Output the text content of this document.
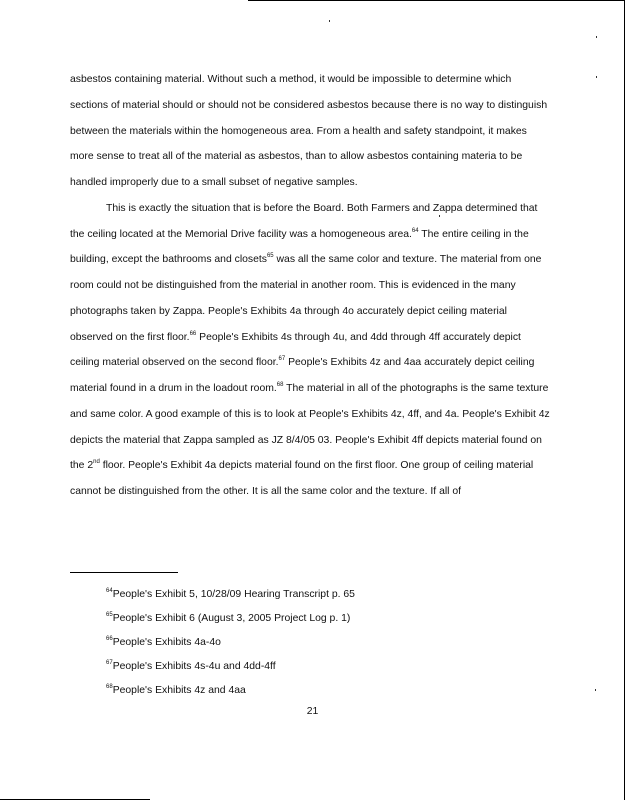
asbestos containing material. Without such a method, it would be impossible to determine which sections of material should or should not be considered asbestos because there is no way to distinguish between the materials within the homogeneous area. From a health and safety standpoint, it makes more sense to treat all of the material as asbestos, than to allow asbestos containing materia to be handled improperly due to a small subset of negative samples.

This is exactly the situation that is before the Board. Both Farmers and Zappa determined that the ceiling located at the Memorial Drive facility was a homogeneous area.$^{64}$ The entire ceiling in the building, except the bathrooms and closets$^{65}$ was all the same color and texture. The material from one room could not be distinguished from the material in another room. This is evidenced in the many photographs taken by Zappa. People's Exhibits 4a through 4o accurately depict ceiling material observed on the first floor.$^{66}$ People's Exhibits 4s through 4u, and 4dd through 4ff accurately depict ceiling material observed on the second floor.$^{67}$ People's Exhibits 4z and 4aa accurately depict ceiling material found in a drum in the loadout room.$^{68}$ The material in all of the photographs is the same texture and same color. A good example of this is to look at People's Exhibits 4z, 4ff, and 4a. People's Exhibit 4z depicts the material that Zappa sampled as JZ 8/4/05 03. People's Exhibit 4ff depicts material found on the 2nd floor. People's Exhibit 4a depicts material found on the first floor. One group of ceiling material cannot be distinguished from the other. It is all the same color and the texture. If all of

$^{64}$People's Exhibit 5, 10/28/09 Hearing Transcript p. 65
$^{65}$People's Exhibit 6 (August 3, 2005 Project Log p. 1)
$^{66}$People's Exhibits 4a-4o
$^{67}$People's Exhibits 4s-4u and 4dd-4ff
$^{68}$People's Exhibits 4z and 4aa
21
